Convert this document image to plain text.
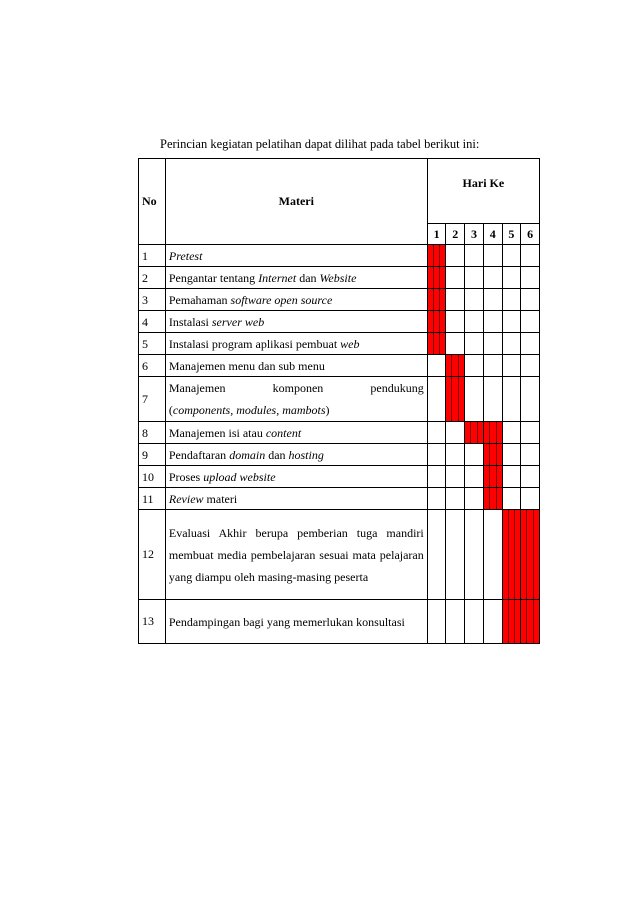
Perincian kegiatan pelatihan dapat dilihat pada tabel berikut ini:
No	Materi	Hari Ke					
		1	2	3	4	5	6
1	Pretest						
2	Pengantar tentang Internet dan Website						
3	Pemahaman software open source						
4	Instalasi server web						
5	Instalasi program aplikasi pembuat web						
6	Manajemen menu dan sub menu						
7	Manajemen komponen pendukung
(components, modules, mambots)						

8	Manajemen isi atau content						
9	Pendaftaran domain dan hosting						
10	Proses upload website						
11	Review materi						
12	Evaluasi Akhir berupa pemberian tuga mandiri membuat media pembelajaran sesuai mata pelajaran yang diampu oleh masing-masing peserta						
13	Pendampingan bagi yang memerlukan konsultasi						
